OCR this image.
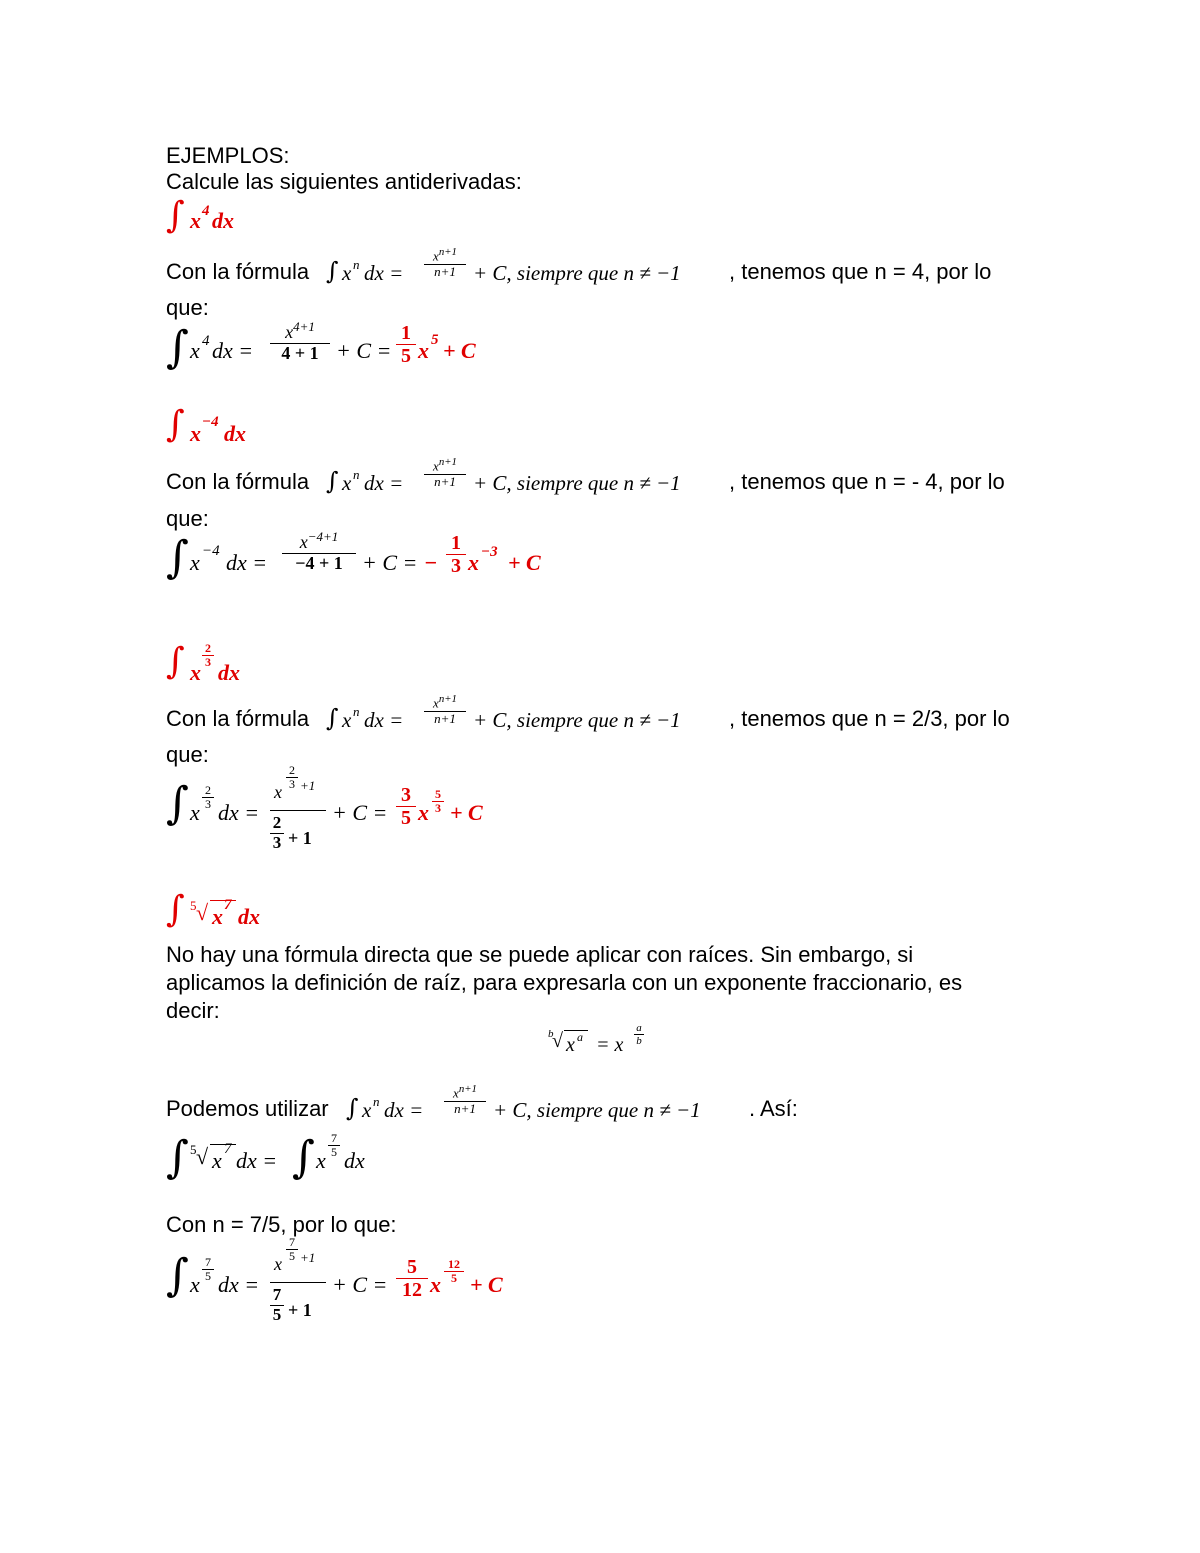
EJEMPLOS:
Calcule las siguientes antiderivadas:
∫ x 4 dx
Con la fórmula ∫ x n dx =
$x^{n+1}$
n+1 + C, siempre que n ≠ −1 , tenemos que n = 4, por lo
que:
∫ x 4 dx =
$x^{4+1}$
4 + 1 + C =
1
5 x 5 + C
∫ x −4 dx
Con la fórmula ∫ x n dx =
$x^{n+1}$
n+1 + C, siempre que n ≠ −1 , tenemos que n = - 4, por lo
que:
∫ x −4 dx =
$x^{-4+1}$
−4 + 1 + C = −
1
3 x −3 + C
∫ x
2
3 dx
Con la fórmula ∫ x n dx =
$x^{n+1}$
n+1 + C, siempre que n ≠ −1 , tenemos que n = 2/3, por lo
que:
∫ x
2
3 dx =
x
2
3 +1
2
3 + 1
+ C =
3
5 x
5
3 + C
∫ 5 √ x 7 dx
No hay una fórmula directa que se puede aplicar con raíces. Sin embargo, si
aplicamos la definición de raíz, para expresarla con un exponente fraccionario, es
decir:
b
√ x a = x
a
b
Podemos utilizar ∫ x n dx =
$x^{n+1}$
n+1 + C, siempre que n ≠ −1 . Así:
∫ 5 √ x 7 dx = ∫ x
7
5 dx
Con n = 7/5, por lo que:
∫ x
7
5 dx =
x
7
5 +1
7
5 + 1
+ C =
5
12 x
12
5 + C
